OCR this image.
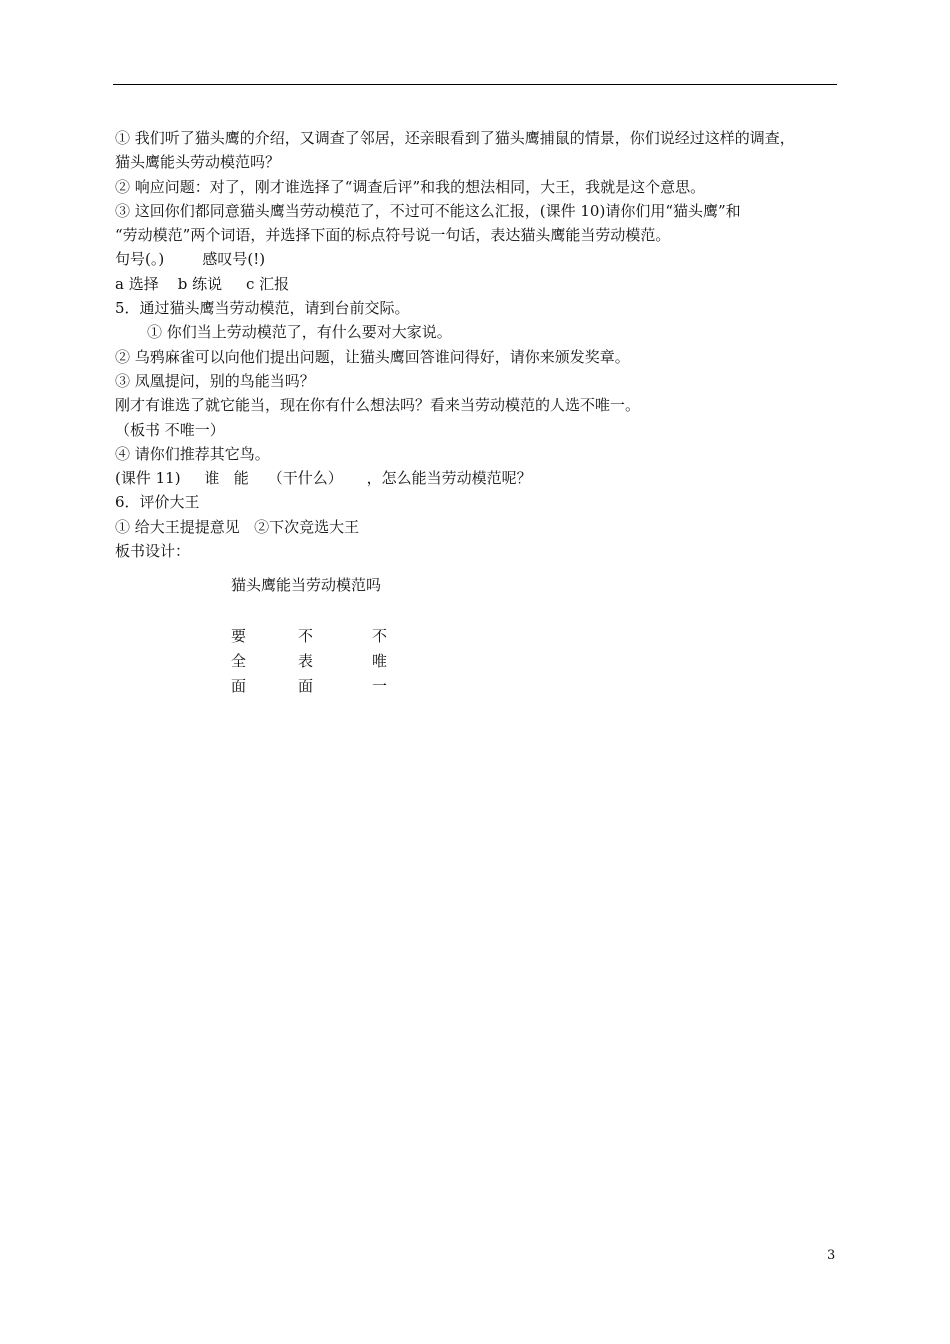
① 我们听了猫头鹰的介绍，又调查了邻居，还亲眼看到了猫头鹰捕鼠的情景，你们说经过这样的调查，

猫头鹰能头劳动模范吗？

② 响应问题：对了，刚才谁选择了“调查后评”和我的想法相同，大王，我就是这个意思。

③ 这回你们都同意猫头鹰当劳动模范了，不过可不能这么汇报，(课件 10)请你们用“猫头鹰”和

“劳动模范”两个词语，并选择下面的标点符号说一句话，表达猫头鹰能当劳动模范。

句号(。)        感叹号(!)

a 选择    b 练说     c 汇报

5．通过猫头鹰当劳动模范，请到台前交际。

① 你们当上劳动模范了，有什么要对大家说。

② 乌鸦麻雀可以向他们提出问题，让猫头鹰回答谁问得好，请你来颁发奖章。

③ 凤凰提问，别的鸟能当吗？

刚才有谁选了就它能当，现在你有什么想法吗？看来当劳动模范的人选不唯一。

（板书 不唯一）

④ 请你们推荐其它鸟。

(课件 11)     谁   能    （干什么）     ，怎么能当劳动模范呢？

6．评价大王

① 给大王提提意见   ②下次竞选大王

板书设计：

猫头鹰能当劳动模范吗
要
全
面
不
表
面
不
唯
一
3
